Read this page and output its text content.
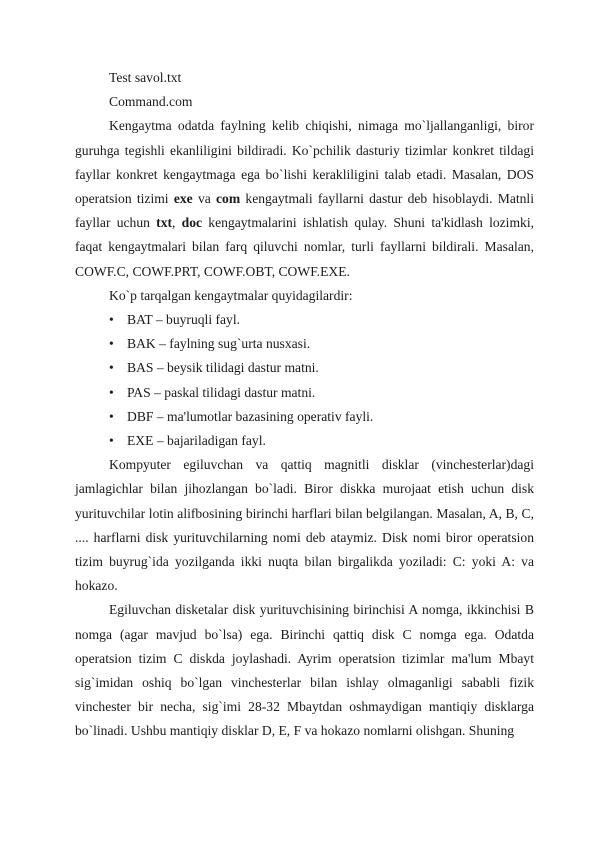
Test savol.txt

Command.com

Kengaytma odatda faylning kelib chiqishi, nimaga mo`ljallanganligi, biror guruhga tegishli ekanliligini bildiradi. Ko`pchilik dasturiy tizimlar konkret tildagi fayllar konkret kengaytmaga ega bo`lishi kerakliligini talab etadi. Masalan, DOS operatsion tizimi exe va com kengaytmali fayllarni dastur deb hisoblaydi. Matnli fayllar uchun txt, doc kengaytmalarini ishlatish qulay. Shuni ta'kidlash lozimki, faqat kengaytmalari bilan farq qiluvchi nomlar, turli fayllarni bildirali. Masalan, COWF.C, COWF.PRT, COWF.OBT, COWF.EXE.

Ko`p tarqalgan kengaytmalar quyidagilardir:

• BAT – buyruqli fayl.
• BAK – faylning sug`urta nusxasi.
• BAS – beysik tilidagi dastur matni.
• PAS – paskal tilidagi dastur matni.
• DBF – ma'lumotlar bazasining operativ fayli.
• EXE – bajariladigan fayl.

Kompyuter egiluvchan va qattiq magnitli disklar (vinchesterlar)dagi jamlagichlar bilan jihozlangan bo`ladi. Biror diskka murojaat etish uchun disk yurituvchilar lotin alifbosining birinchi harflari bilan belgilangan. Masalan, A, B, C, .... harflarni disk yurituvchilarning nomi deb ataymiz. Disk nomi biror operatsion tizim buyrug`ida yozilganda ikki nuqta bilan birgalikda yoziladi: C: yoki A: va hokazo.

Egiluvchan disketalar disk yurituvchisining birinchisi A nomga, ikkinchisi B nomga (agar mavjud bo`lsa) ega. Birinchi qattiq disk C nomga ega. Odatda operatsion tizim C diskda joylashadi. Ayrim operatsion tizimlar ma'lum Mbayt sig`imidan oshiq bo`lgan vinchesterlar bilan ishlay olmaganligi sababli fizik vinchester bir necha, sig`imi 28-32 Mbaytdan oshmaydigan mantiqiy disklarga bo`linadi. Ushbu mantiqiy disklar D, E, F va hokazo nomlarni olishgan. Shuning
